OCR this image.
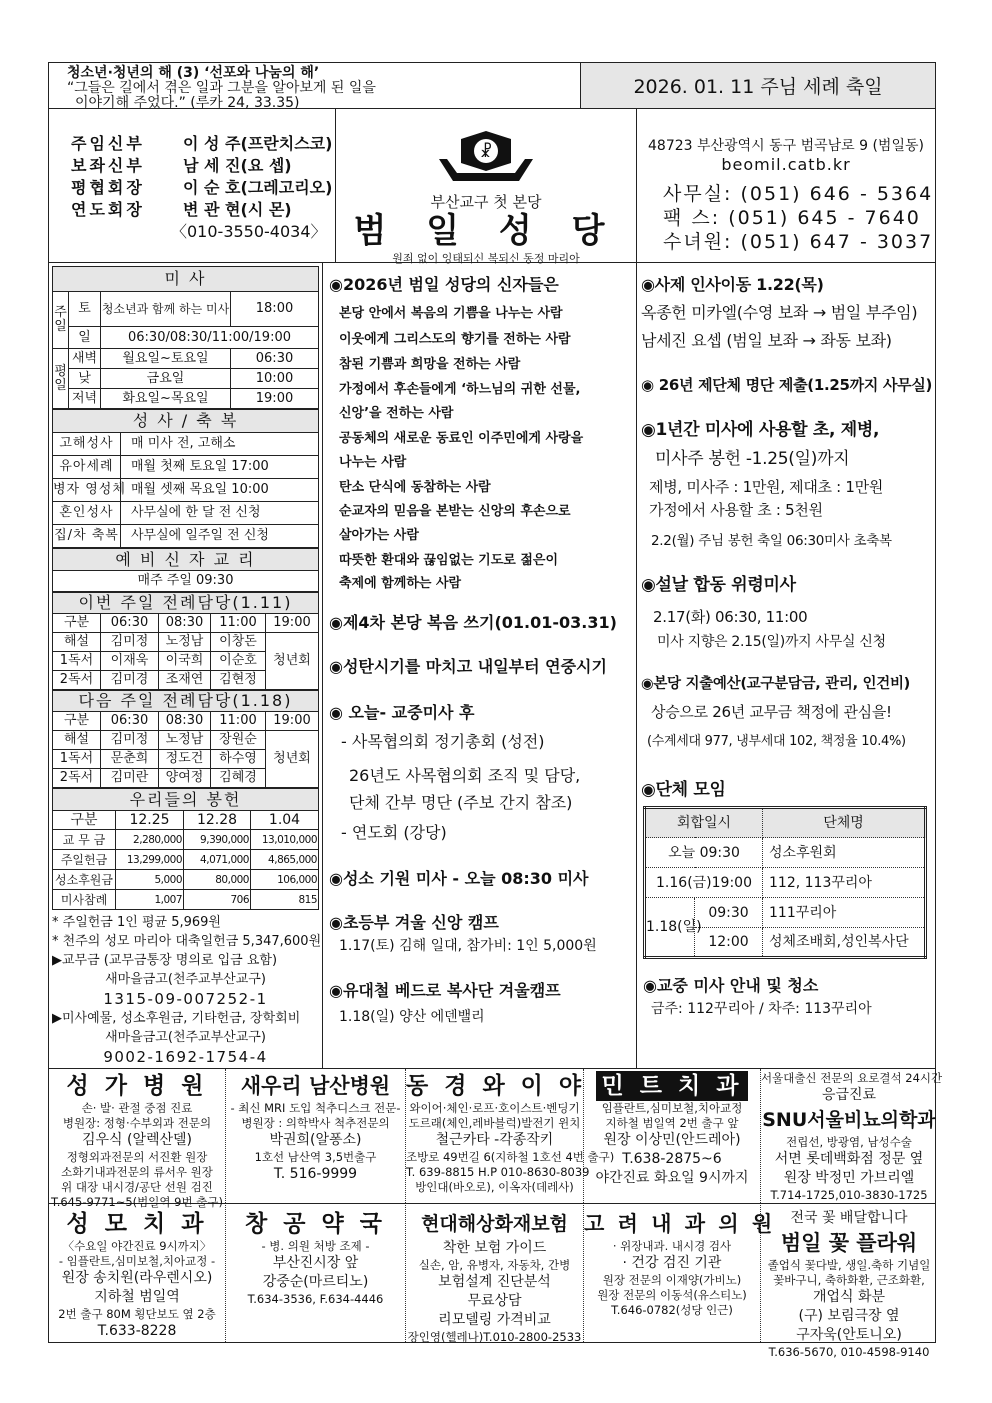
청소년·청년의 해 (3) ‘선포와 나눔의 해’
“그들은 길에서 겪은 일과 그분을 알아보게 된 일을
이야기해 주었다.” (루카 24, 33.35)
2026. 01. 11 주님 세례 축일
주임신부	이 성 주(프란치스코)
보좌신부	남 세 진(요 셉)
평협회장	이 순 호(그레고리오)
연도회장	변 관 현(시 몬)
〈010-3550-4034〉
☧
부산교구 첫 본당
범 일 성 당
원죄 없이 잉태되신 복되신 동정 마리아
48723 부산광역시 동구 범곡남로 9 (범일동)
beomil.catb.kr
사무실: (051) 646 - 5364
팩 스: (051) 645 - 7640
수녀원: (051) 647 - 3037
미 사			
주일	토	청소년과 함께 하는 미사	18:00
	일	06:30/08:30/11:00/19:00	
평일	새벽	월요일~토요일	06:30
	낮	금요일	10:00
	저녁	화요일~목요일	19:00
성 사 / 축 복	
고해성사	매 미사 전, 고해소
유아세례	매월 첫째 토요일 17:00
병자 영성체	매월 셋째 목요일 10:00
혼인성사	사무실에 한 달 전 신청
집/차 축복	사무실에 일주일 전 신청
예 비 신 자 교 리
매주 주일 09:30
이번 주일 전례담당(1.11)				
구분	06:30	08:30	11:00	19:00
해설	김미정	노정남	이창돈	청년회
1독서	이재욱	이국희	이순호	
2독서	김미경	조재연	김현정	
다음 주일 전례담당(1.18)				
구분	06:30	08:30	11:00	19:00
해설	김미정	노정남	장원순	청년회
1독서	문춘희	정도건	하수영	
2독서	김미란	양여정	김혜경	
우리들의 봉헌			
구분	12.25	12.28	1.04
교 무 금	2,280,000	9,390,000	13,010,000
주일헌금	13,299,000	4,071,000	4,865,000
성소후원금	5,000	80,000	106,000
미사참례	1,007	706	815
* 주일헌금 1인 평균 5,969원
* 천주의 성모 마리아 대축일헌금 5,347,600원
▶교무금 (교무금통장 명의로 입금 요함)
새마을금고(천주교부산교구)
1315-09-007252-1
▶미사예물, 성소후원금, 기타헌금, 장학회비
새마을금고(천주교부산교구)
9002-1692-1754-4
◉2026년 범일 성당의 신자들은
본당 안에서 복음의 기쁨을 나누는 사람
이웃에게 그리스도의 향기를 전하는 사람
참된 기쁨과 희망을 전하는 사람
가정에서 후손들에게 ‘하느님의 귀한 선물,
신앙’을 전하는 사람
공동체의 새로운 동료인 이주민에게 사랑을
나누는 사람
탄소 단식에 동참하는 사람
순교자의 믿음을 본받는 신앙의 후손으로
살아가는 사람
따뜻한 환대와 끊임없는 기도로 젊은이
축제에 함께하는 사람
◉제4차 본당 복음 쓰기(01.01-03.31)
◉성탄시기를 마치고 내일부터 연중시기
◉ 오늘- 교중미사 후
- 사목협의회 정기총회 (성전)
26년도 사목협의회 조직 및 담당,
단체 간부 명단 (주보 간지 참조)
- 연도회 (강당)
◉성소 기원 미사 - 오늘 08:30 미사
◉초등부 겨울 신앙 캠프
1.17(토) 김해 일대, 참가비: 1인 5,000원
◉유대철 베드로 복사단 겨울캠프
1.18(일) 양산 에덴밸리
◉사제 인사이동 1.22(목)
옥종헌 미카엘(수영 보좌 → 범일 부주임)
남세진 요셉 (범일 보좌 → 좌동 보좌)
◉ 26년 제단체 명단 제출(1.25까지 사무실)
◉1년간 미사에 사용할 초, 제병,
미사주 봉헌 -1.25(일)까지
제병, 미사주 : 1만원, 제대초 : 1만원
가정에서 사용할 초 : 5천원
2.2(월) 주님 봉헌 축일 06:30미사 초축복
◉설날 합동 위령미사
2.17(화) 06:30, 11:00
미사 지향은 2.15(일)까지 사무실 신청
◉본당 지출예산(교구분담금, 관리, 인건비)
상승으로 26년 교무금 책정에 관심을!
(수계세대 977, 냉부세대 102, 책정율 10.4%)
◉단체 모임
회합일시		단체명
오늘 09:30		성소후원회
1.16(금)19:00		112, 113꾸리아
1.18(일)	09:30	111꾸리아
	12:00	성체조배회,성인복사단
◉교중 미사 안내 및 청소
금주: 112꾸리아 / 차주: 113꾸리아
성 가 병 원
손· 발· 관절 중점 진료
병원장: 정형·수부외과 전문의
김우식 (알렉산델)
정형외과전문의 서진환 원장
소화기내과전문의 류서우 원장
위 대장 내시경/공단 선원 검진
T.645-9771~5(범일역 9번 출구)
새우리 남산병원
- 최신 MRI 도입 척추디스크 전문-
병원장 : 의학박사 척추전문의
박권희(알퐁소)
1호선 남산역 3,5번출구
T. 516-9999
동 경 와 이 야
와이어·체인·로프·호이스트·벤딩기
도르래(체인,레바블럭)발전기 윈치
철근카타 -각종작키
조방로 49번길 6(지하철 1호선 4번 출구)
T. 639-8815 H.P 010-8630-8039
방인대(바오로), 이옥자(데레사)
민 트 치 과
임플란트,심미보철,치아교정
지하철 범일역 2번 출구 앞
원장 이상민(안드레아)
T.638-2875~6
야간진료 화요일 9시까지
서울대출신 전문의 요로결석 24시간
응급진료
SNU서울비뇨의학과
전립선, 방광염, 남성수술
서면 롯데백화점 정문 옆
원장 박정민 가브리엘
T.714-1725,010-3830-1725
성 모 치 과
〈수요일 야간진료 9시까지〉
- 임플란트,심미보철,치아교정 -
원장 송치원(라우렌시오)
지하철 범일역
2번 출구 80M 횡단보도 옆 2층
T.633-8228
창 공 약 국
- 병. 의원 처방 조제 -
부산진시장 앞
강중순(마르티노)
T.634-3536, F.634-4446
현대해상화재보험
착한 보험 가이드
실손, 암, 유병자, 자동차, 간병
보험설계 진단분석
무료상담
리모델링 가격비교
장인영(헬레나)T.010-2800-2533
고 려 내 과 의 원
· 위장내과. 내시경 검사
· 건강 검진 기관
원장 전문의 이재양(가비노)
원장 전문의 이동석(유스티노)
T.646-0782(성당 인근)
전국 꽃 배달합니다
범일 꽃 플라워
졸업식 꽃다발, 생일.축하 기념일
꽃바구니, 축하화환, 근조화환,
개업식 화분
(구) 보림극장 옆
구자욱(안토니오)
T.636-5670, 010-4598-9140
